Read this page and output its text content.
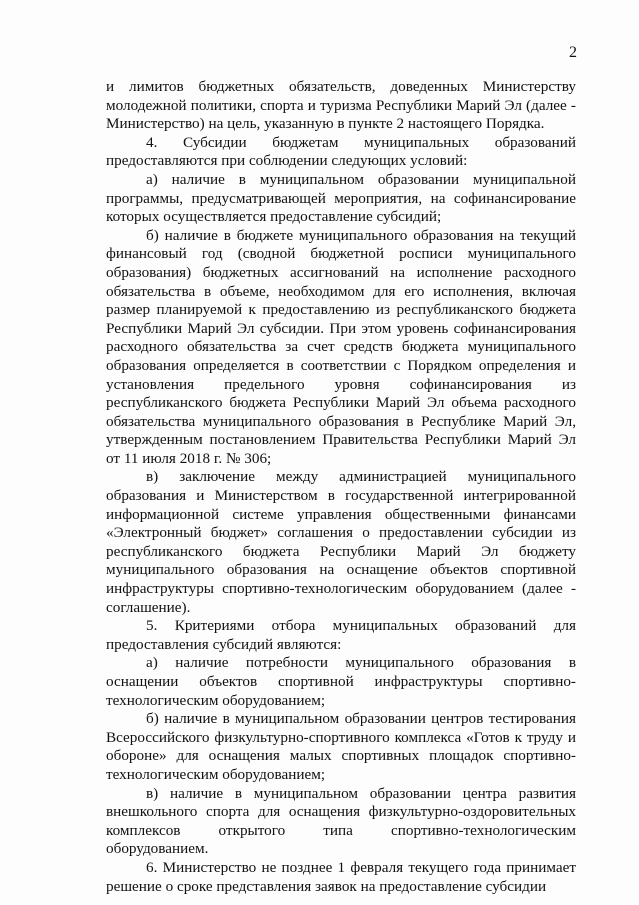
2

и лимитов бюджетных обязательств, доведенных Министерству молодежной политики, спорта и туризма Республики Марий Эл (далее - Министерство) на цель, указанную в пункте 2 настоящего Порядка.

4. Субсидии бюджетам муниципальных образований предоставляются при соблюдении следующих условий:

а) наличие в муниципальном образовании муниципальной программы, предусматривающей мероприятия, на софинансирование которых осуществляется предоставление субсидий;

б) наличие в бюджете муниципального образования на текущий финансовый год (сводной бюджетной росписи муниципального образования) бюджетных ассигнований на исполнение расходного обязательства в объеме, необходимом для его исполнения, включая размер планируемой к предоставлению из республиканского бюджета Республики Марий Эл субсидии. При этом уровень софинансирования расходного обязательства за счет средств бюджета муниципального образования определяется в соответствии с Порядком определения и установления предельного уровня софинансирования из республиканского бюджета Республики Марий Эл объема расходного обязательства муниципального образования в Республике Марий Эл, утвержденным постановлением Правительства Республики Марий Эл от 11 июля 2018 г. № 306;

в) заключение между администрацией муниципального образования и Министерством в государственной интегрированной информационной системе управления общественными финансами «Электронный бюджет» соглашения о предоставлении субсидии из республиканского бюджета Республики Марий Эл бюджету муниципального образования на оснащение объектов спортивной инфраструктуры спортивно-технологическим оборудованием (далее - соглашение).

5. Критериями отбора муниципальных образований для предоставления субсидий являются:

а) наличие потребности муниципального образования в оснащении объектов спортивной инфраструктуры спортивно-технологическим оборудованием;

б) наличие в муниципальном образовании центров тестирования Всероссийского физкультурно-спортивного комплекса «Готов к труду и обороне» для оснащения малых спортивных площадок спортивно-технологическим оборудованием;

в) наличие в муниципальном образовании центра развития внешкольного спорта для оснащения физкультурно-оздоровительных комплексов открытого типа спортивно-технологическим оборудованием.

6. Министерство не позднее 1 февраля текущего года принимает решение о сроке представления заявок на предоставление субсидии
